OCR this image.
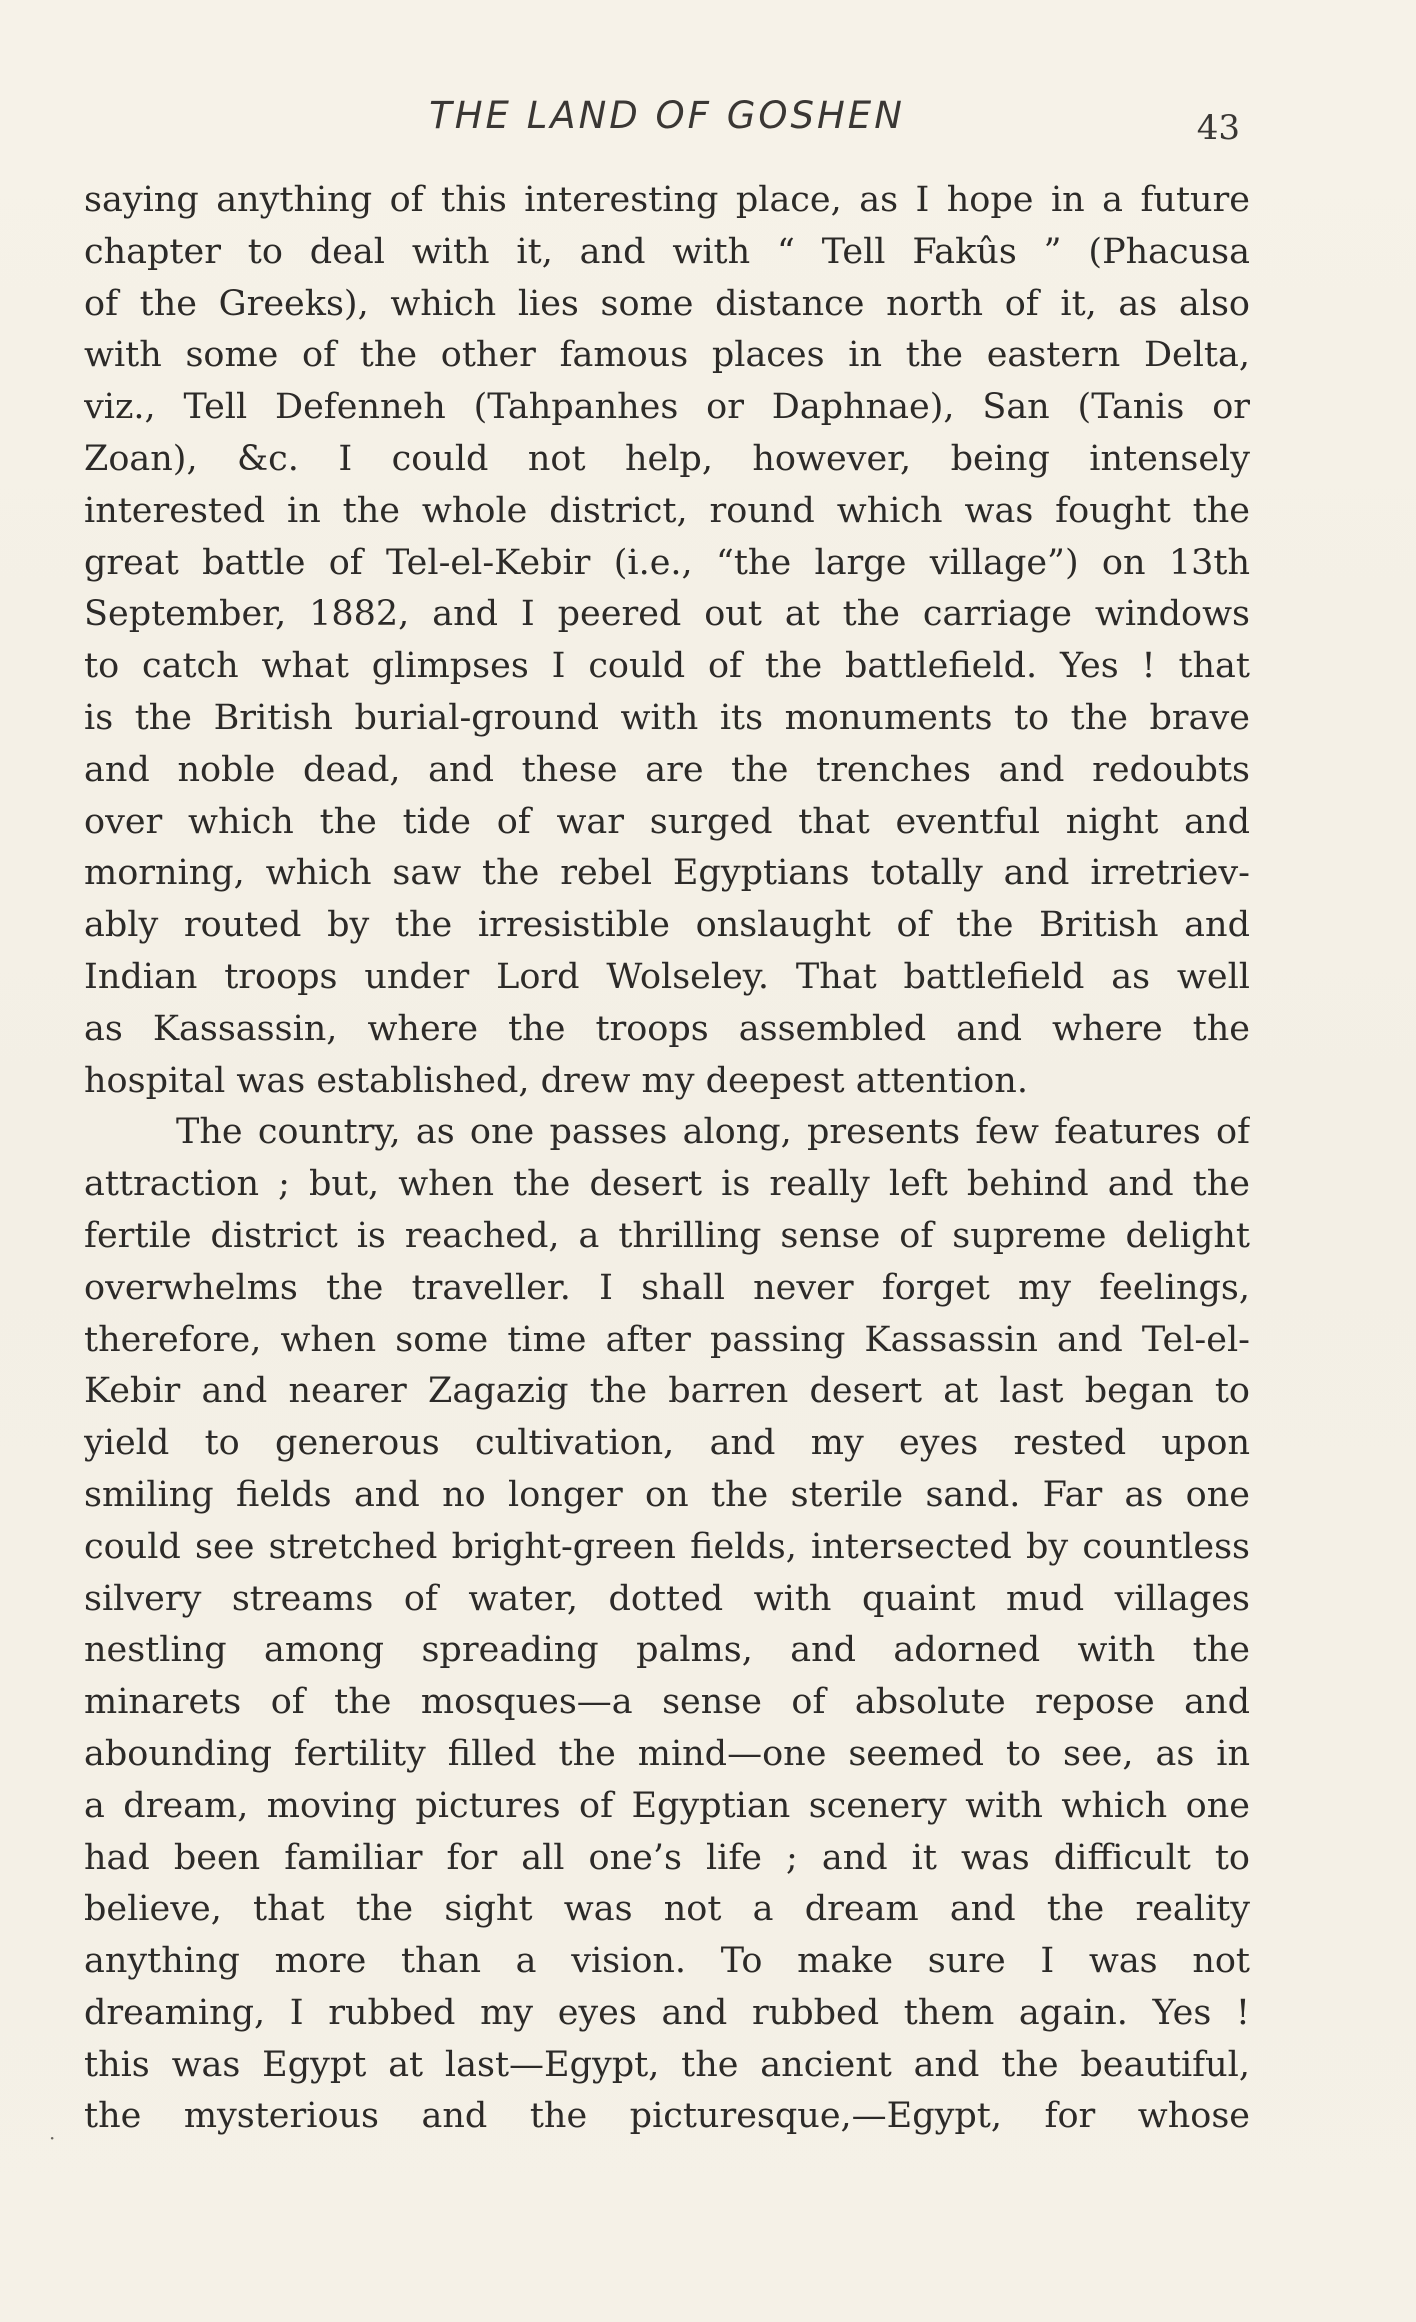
THE LAND OF GOSHEN	43
saying anything of this interesting place, as I hope in a future
chapter to deal with it, and with “ Tell Fakûs ” (Phacusa
of the Greeks), which lies some distance north of it, as also
with some of the other famous places in the eastern Delta,
viz., Tell Defenneh (Tahpanhes or Daphnae), San (Tanis or
Zoan), &c. I could not help, however, being intensely
interested in the whole district, round which was fought the
great battle of Tel-el-Kebir (i.e., “the large village”) on 13th
September, 1882, and I peered out at the carriage windows
to catch what glimpses I could of the battlefield. Yes ! that
is the British burial-ground with its monuments to the brave
and noble dead, and these are the trenches and redoubts
over which the tide of war surged that eventful night and
morning, which saw the rebel Egyptians totally and irretriev-
ably routed by the irresistible onslaught of the British and
Indian troops under Lord Wolseley. That battlefield as well
as Kassassin, where the troops assembled and where the
hospital was established, drew my deepest attention.
The country, as one passes along, presents few features of
attraction ; but, when the desert is really left behind and the
fertile district is reached, a thrilling sense of supreme delight
overwhelms the traveller. I shall never forget my feelings,
therefore, when some time after passing Kassassin and Tel-el-
Kebir and nearer Zagazig the barren desert at last began to
yield to generous cultivation, and my eyes rested upon
smiling fields and no longer on the sterile sand. Far as one
could see stretched bright-green fields, intersected by countless
silvery streams of water, dotted with quaint mud villages
nestling among spreading palms, and adorned with the
minarets of the mosques—a sense of absolute repose and
abounding fertility filled the mind—one seemed to see, as in
a dream, moving pictures of Egyptian scenery with which one
had been familiar for all one’s life ; and it was difficult to
believe, that the sight was not a dream and the reality
anything more than a vision. To make sure I was not
dreaming, I rubbed my eyes and rubbed them again. Yes !
this was Egypt at last—Egypt, the ancient and the beautiful,
the mysterious and the picturesque,—Egypt, for whose
·
